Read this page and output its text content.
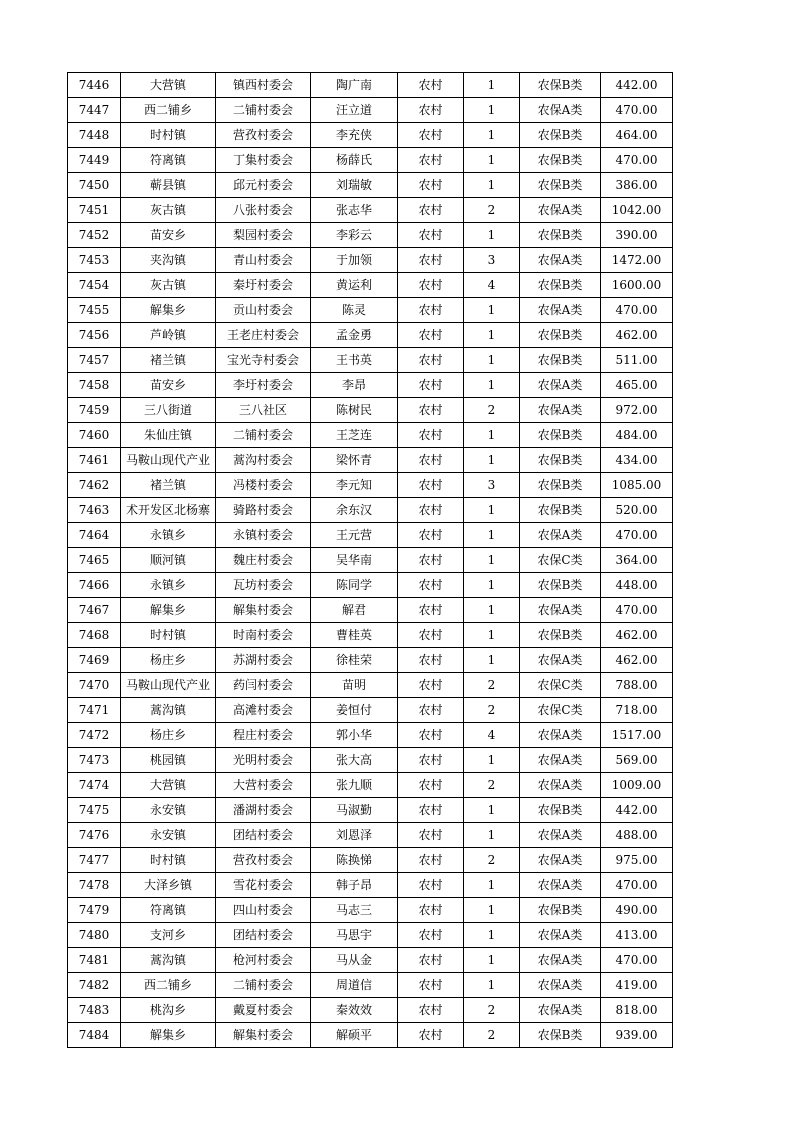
7446	大营镇	镇西村委会	陶广南	农村	1	农保B类	442.00
7447	西二铺乡	二铺村委会	汪立道	农村	1	农保A类	470.00
7448	时村镇	营孜村委会	李充侠	农村	1	农保B类	464.00
7449	符离镇	丁集村委会	杨薛氏	农村	1	农保B类	470.00
7450	蕲县镇	邱元村委会	刘瑞敏	农村	1	农保B类	386.00
7451	灰古镇	八张村委会	张志华	农村	2	农保A类	1042.00
7452	苗安乡	梨园村委会	李彩云	农村	1	农保B类	390.00
7453	夹沟镇	青山村委会	于加领	农村	3	农保A类	1472.00
7454	灰古镇	秦圩村委会	黄运利	农村	4	农保B类	1600.00
7455	解集乡	贡山村委会	陈灵	农村	1	农保A类	470.00
7456	芦岭镇	王老庄村委会	孟金勇	农村	1	农保B类	462.00
7457	褚兰镇	宝光寺村委会	王书英	农村	1	农保B类	511.00
7458	苗安乡	李圩村委会	李昂	农村	1	农保A类	465.00
7459	三八街道	三八社区	陈树民	农村	2	农保A类	972.00
7460	朱仙庄镇	二铺村委会	王芝连	农村	1	农保B类	484.00
7461	马鞍山现代产业	蒿沟村委会	梁怀青	农村	1	农保B类	434.00
7462	褚兰镇	冯楼村委会	李元知	农村	3	农保B类	1085.00
7463	术开发区北杨寨	骑路村委会	余东汉	农村	1	农保B类	520.00
7464	永镇乡	永镇村委会	王元营	农村	1	农保A类	470.00
7465	顺河镇	魏庄村委会	吴华南	农村	1	农保C类	364.00
7466	永镇乡	瓦坊村委会	陈同学	农村	1	农保B类	448.00
7467	解集乡	解集村委会	解君	农村	1	农保A类	470.00
7468	时村镇	时南村委会	曹桂英	农村	1	农保B类	462.00
7469	杨庄乡	苏湖村委会	徐桂荣	农村	1	农保A类	462.00
7470	马鞍山现代产业	药闫村委会	苗明	农村	2	农保C类	788.00
7471	蒿沟镇	高滩村委会	姜恒付	农村	2	农保C类	718.00
7472	杨庄乡	程庄村委会	郭小华	农村	4	农保A类	1517.00
7473	桃园镇	光明村委会	张大高	农村	1	农保A类	569.00
7474	大营镇	大营村委会	张九顺	农村	2	农保A类	1009.00
7475	永安镇	潘湖村委会	马淑勤	农村	1	农保B类	442.00
7476	永安镇	团结村委会	刘恩泽	农村	1	农保A类	488.00
7477	时村镇	营孜村委会	陈换悌	农村	2	农保A类	975.00
7478	大泽乡镇	雪花村委会	韩子昂	农村	1	农保A类	470.00
7479	符离镇	四山村委会	马志三	农村	1	农保B类	490.00
7480	支河乡	团结村委会	马思宇	农村	1	农保A类	413.00
7481	蒿沟镇	枪河村委会	马从金	农村	1	农保A类	470.00
7482	西二铺乡	二铺村委会	周道信	农村	1	农保A类	419.00
7483	桃沟乡	戴夏村委会	秦效效	农村	2	农保A类	818.00
7484	解集乡	解集村委会	解硕平	农村	2	农保B类	939.00
